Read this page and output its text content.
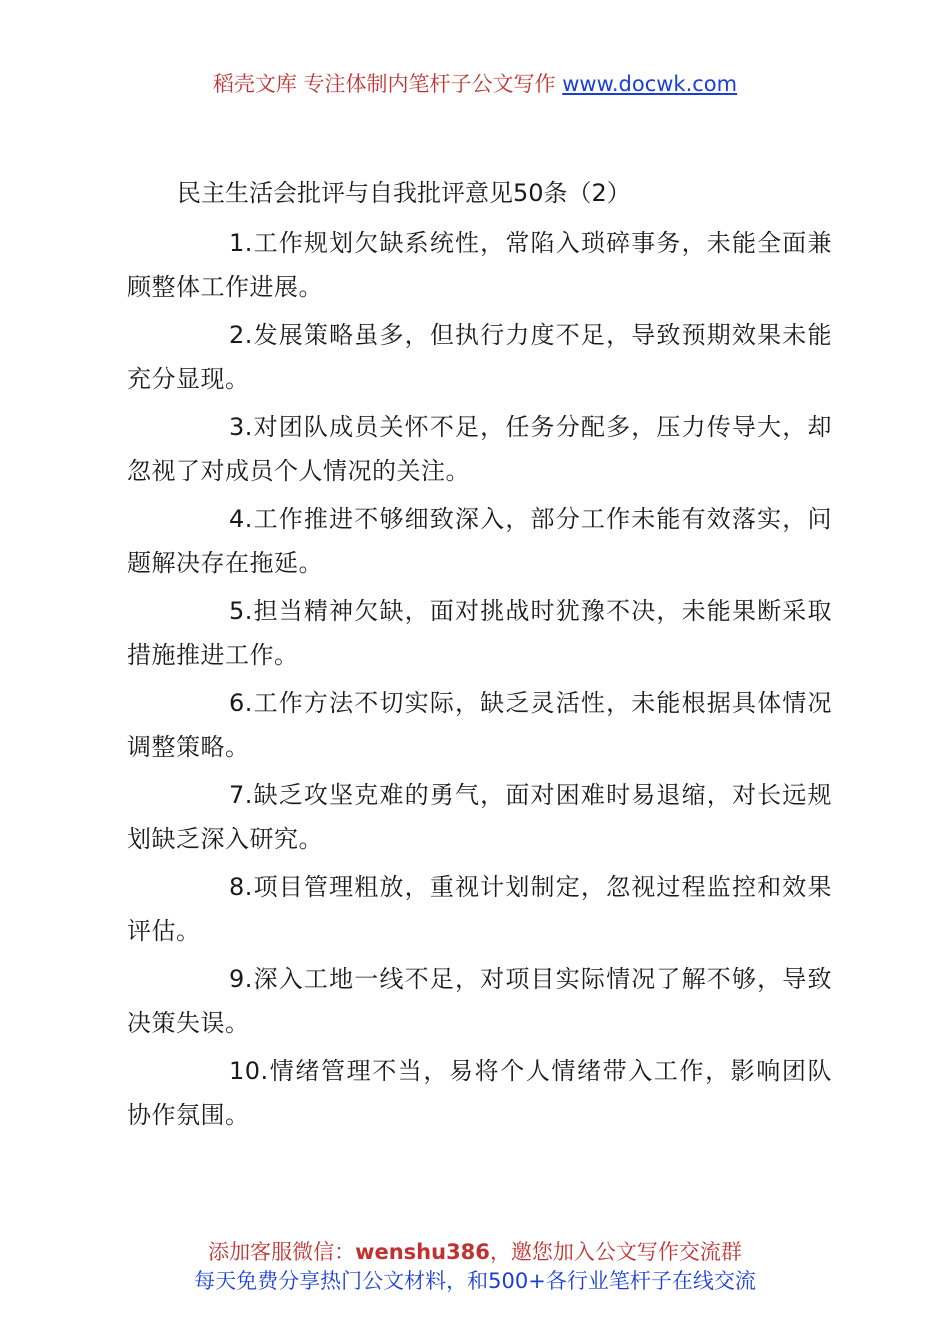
稻壳文库 专注体制内笔杆子公文写作 www.docwk.com
民主生活会批评与自我批评意见50条（2）
1.工作规划欠缺系统性，常陷入琐碎事务，未能全面兼顾整体工作进展。
2.发展策略虽多，但执行力度不足，导致预期效果未能充分显现。
3.对团队成员关怀不足，任务分配多，压力传导大，却忽视了对成员个人情况的关注。
4.工作推进不够细致深入，部分工作未能有效落实，问题解决存在拖延。
5.担当精神欠缺，面对挑战时犹豫不决，未能果断采取措施推进工作。
6.工作方法不切实际，缺乏灵活性，未能根据具体情况调整策略。
7.缺乏攻坚克难的勇气，面对困难时易退缩，对长远规划缺乏深入研究。
8.项目管理粗放，重视计划制定，忽视过程监控和效果评估。
9.深入工地一线不足，对项目实际情况了解不够，导致决策失误。
10.情绪管理不当，易将个人情绪带入工作，影响团队协作氛围。
添加客服微信：wenshu386，邀您加入公文写作交流群
每天免费分享热门公文材料，和500+各行业笔杆子在线交流
